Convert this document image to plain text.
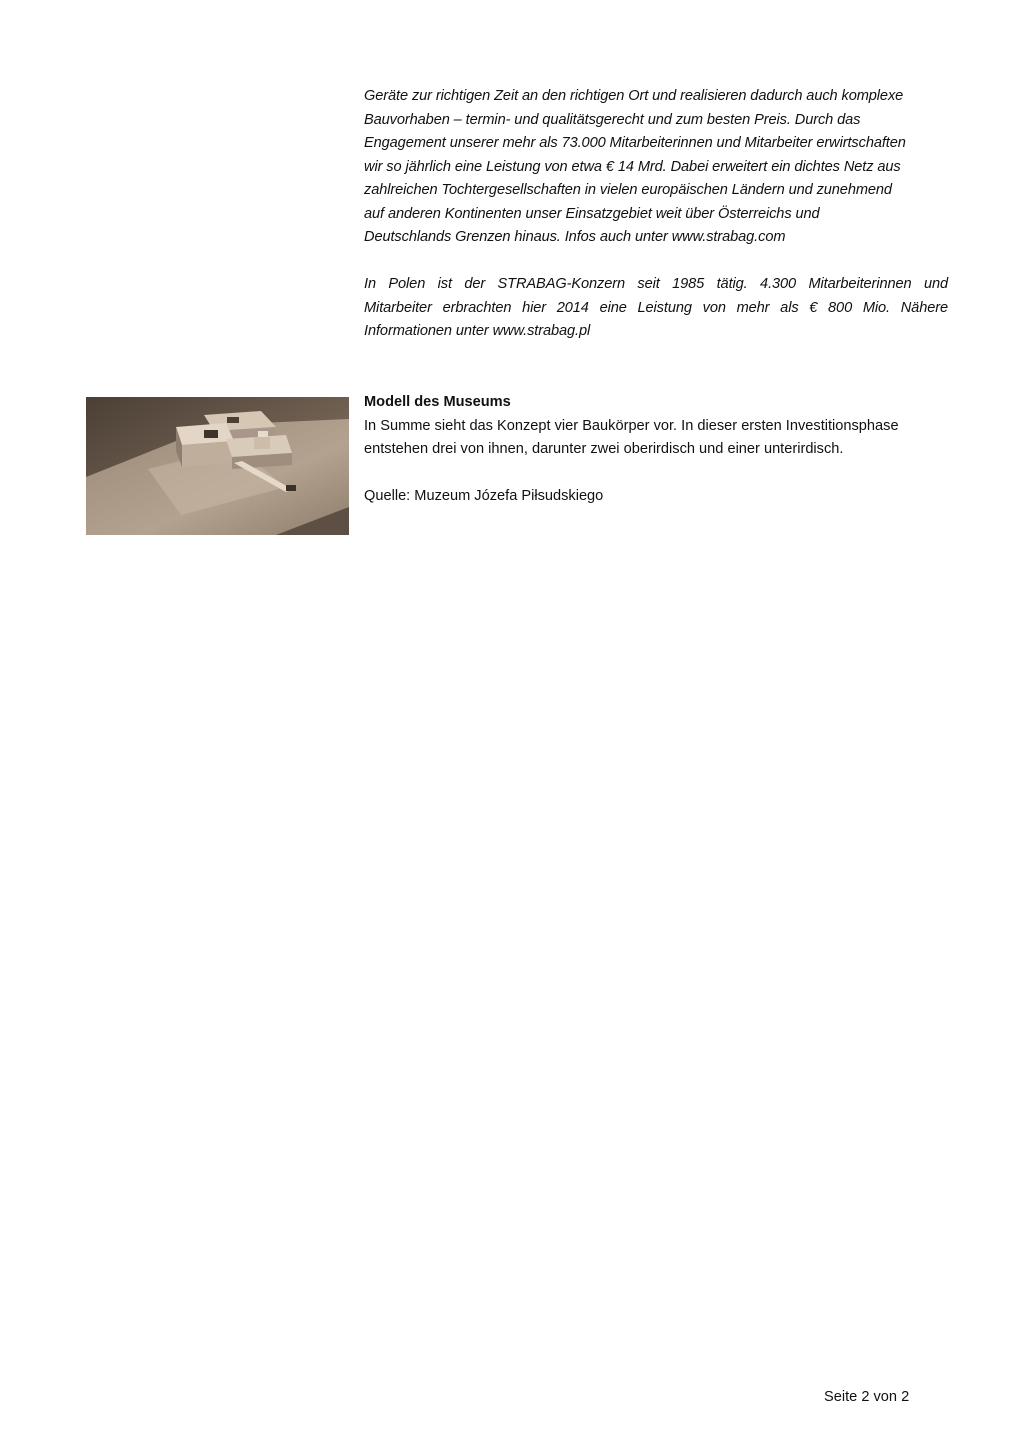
Geräte zur richtigen Zeit an den richtigen Ort und realisieren dadurch auch komplexe
Bauvorhaben – termin- und qualitätsgerecht und zum besten Preis. Durch das
Engagement unserer mehr als 73.000 Mitarbeiterinnen und Mitarbeiter erwirtschaften
wir so jährlich eine Leistung von etwa € 14 Mrd. Dabei erweitert ein dichtes Netz aus
zahlreichen Tochtergesellschaften in vielen europäischen Ländern und zunehmend
auf anderen Kontinenten unser Einsatzgebiet weit über Österreichs und
Deutschlands Grenzen hinaus. Infos auch unter www.strabag.com
In Polen ist der STRABAG-Konzern seit 1985 tätig. 4.300 Mitarbeiterinnen und
Mitarbeiter erbrachten hier 2014 eine Leistung von mehr als € 800 Mio. Nähere
Informationen unter www.strabag.pl
Modell des Museums
In Summe sieht das Konzept vier Baukörper vor. In dieser ersten Investitionsphase
entstehen drei von ihnen, darunter zwei oberirdisch und einer unterirdisch.
Quelle: Muzeum Józefa Piłsudskiego
Seite 2 von 2
